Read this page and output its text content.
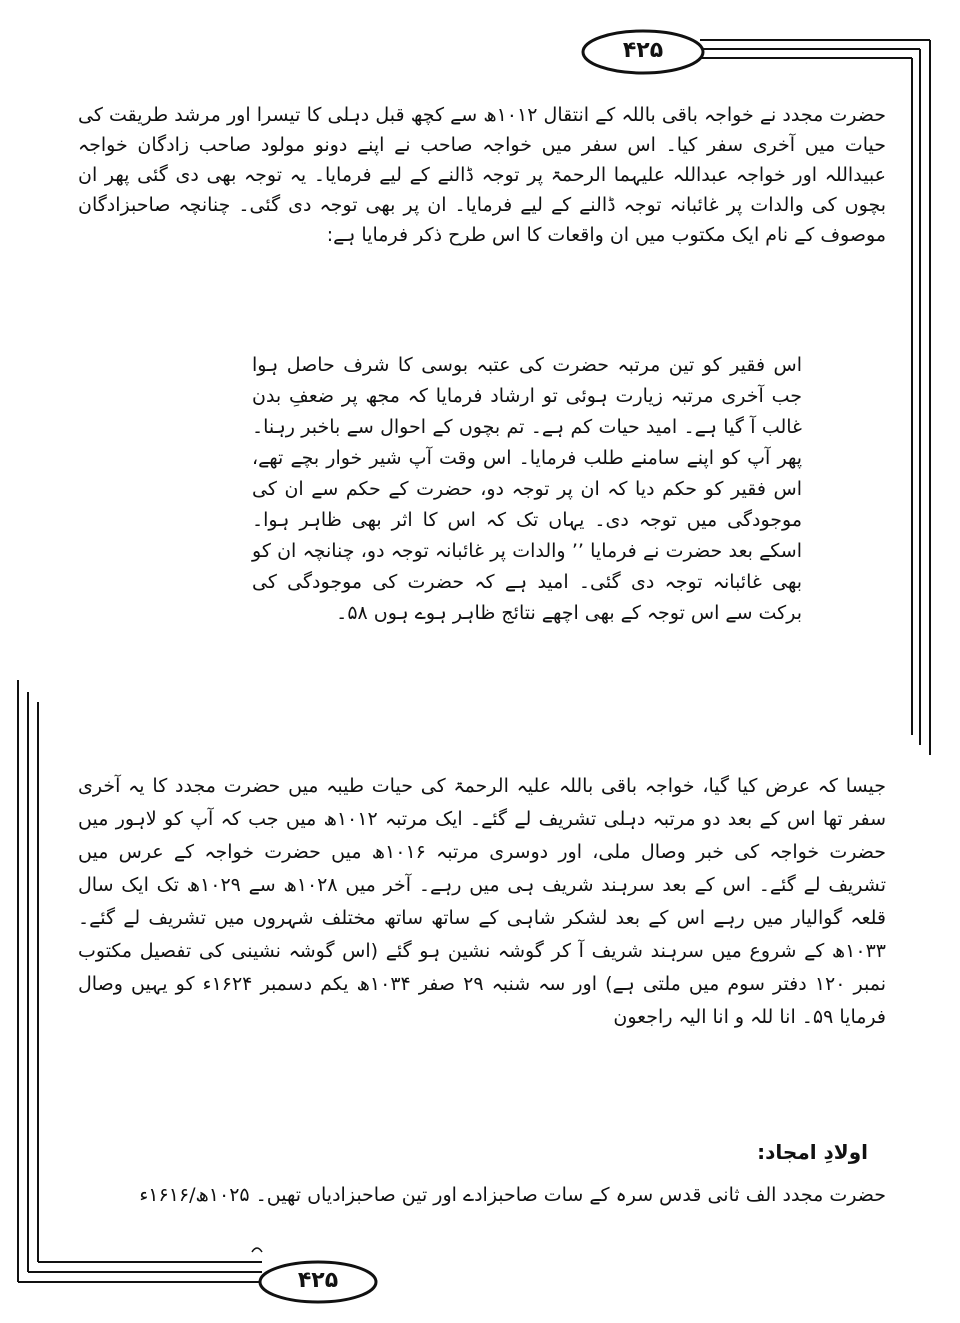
۴۲۵

حضرت مجدد نے خواجہ باقی باللہ کے انتقال ۱۰۱۲ھ سے کچھ قبل دہلی کا تیسرا اور مرشد طریقت کی حیات میں آخری سفر کیا۔ اس سفر میں خواجہ صاحب نے اپنے دونو مولود صاحب زادگان خواجہ عبیداللہ اور خواجہ عبداللہ علیہما الرحمۃ پر توجہ ڈالنے کے لیے فرمایا۔ یہ توجہ بھی دی گئی پھر ان بچوں کی والدات پر غائبانہ توجہ ڈالنے کے لیے فرمایا۔ ان پر بھی توجہ دی گئی۔ چنانچہ صاحبزادگان موصوف کے نام ایک مکتوب میں ان واقعات کا اس طرح ذکر فرمایا ہے:

اس فقیر کو تین مرتبہ حضرت کی عتبہ بوسی کا شرف حاصل ہوا جب آخری مرتبہ زیارت ہوئی تو ارشاد فرمایا کہ مجھ پر ضعفِ بدن غالب آ گیا ہے۔ امید حیات کم ہے۔ تم بچوں کے احوال سے باخبر رہنا۔ پھر آپ کو اپنے سامنے طلب فرمایا۔ اس وقت آپ شیر خوار بچے تھے، اس فقیر کو حکم دیا کہ ان پر توجہ دو، حضرت کے حکم سے ان کی موجودگی میں توجہ دی۔ یہاں تک کہ اس کا اثر بھی ظاہر ہوا۔ اسکے بعد حضرت نے فرمایا ’’ والدات پر غائبانہ توجہ دو، چنانچہ ان کو بھی غائبانہ توجہ دی گئی۔ امید ہے کہ حضرت کی موجودگی کی برکت سے اس توجہ کے بھی اچھے نتائج ظاہر ہوے ہوں ۵۸۔

جیسا کہ عرض کیا گیا، خواجہ باقی باللہ علیہ الرحمۃ کی حیات طیبہ میں حضرت مجدد کا یہ آخری سفر تھا اس کے بعد دو مرتبہ دہلی تشریف لے گئے۔ ایک مرتبہ ۱۰۱۲ھ میں جب کہ آپ کو لاہور میں حضرت خواجہ کی خبر وصال ملی، اور دوسری مرتبہ ۱۰۱۶ھ میں حضرت خواجہ کے عرس میں تشریف لے گئے۔ اس کے بعد سرہند شریف ہی میں رہے۔ آخر میں ۱۰۲۸ھ سے ۱۰۲۹ھ تک ایک سال قلعہ گوالیار میں رہے اس کے بعد لشکر شاہی کے ساتھ ساتھ مختلف شہروں میں تشریف لے گئے۔ ۱۰۳۳ھ کے شروع میں سرہند شریف آ کر گوشہ نشین ہو گئے (اس گوشہ نشینی کی تفصیل مکتوب نمبر ۱۲۰ دفتر سوم میں ملتی ہے) اور سہ شنبہ ۲۹ صفر ۱۰۳۴ھ یکم دسمبر ۱۶۲۴ء کو یہیں وصال فرمایا ۵۹۔ انا للہ و انا الیہ راجعون

اولادِ امجاد:

حضرت مجدد الف ثانی قدس سرہ کے سات صاحبزادے اور تین صاحبزادیاں تھیں۔ ۱۰۲۵ھ/۱۶۱۶ء

۴۲۵
